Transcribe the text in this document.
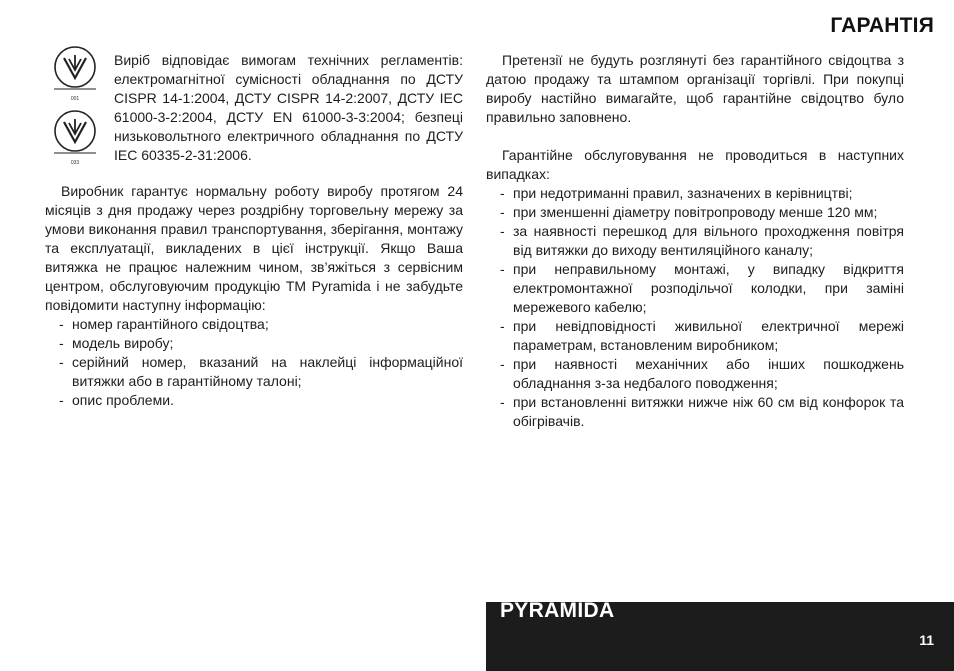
ГАРАНТІЯ
001
033

Виріб відповідає вимогам технічних регламентів: електромагнітної сумісності обладнання по ДСТУ CISPR 14-1:2004, ДСТУ CISPR 14-2:2007, ДСТУ IEC 61000-3-2:2004, ДСТУ EN 61000-3-3:2004; безпеці низьковольтного електричного обладнання по ДСТУ IEC 60335-2-31:2006.

Виробник гарантує нормальну роботу виробу протягом 24 місяців з дня продажу через роздрібну торговельну мережу за умови виконання правил транспортування, зберігання, монтажу та експлуатації, викладених в цієї інструкції. Якщо Ваша витяжка не працює належним чином, зв’яжіться з сервісним центром, обслуговуючим продукцію ТМ Pyramida і не забудьте повідомити наступну інформацію:

- номер гарантійного свідоцтва;
- модель виробу;
- серійний номер, вказаний на наклейці інформаційної витяжки або в гарантійному талоні;
- опис проблеми.

Претензії не будуть розглянуті без гарантійного свідоцтва з датою продажу та штампом організації торгівлі. При покупці виробу настійно вимагайте, щоб гарантійне свідоцтво було правильно заповнено.

Гарантійне обслуговування не проводиться в наступних випадках:

- при недотриманні правил, зазначених в керівництві;
- при зменшенні діаметру повітропроводу менше 120 мм;
- за наявності перешкод для вільного проходження повітря від витяжки до виходу вентиляційного каналу;
- при неправильному монтажі, у випадку відкриття електромонтажної розподільчої колодки, при заміні мережевого кабелю;
- при невідповідності живильної електричної мережі параметрам, встановленим виробником;
- при наявності механічних або інших пошкоджень обладнання з-за недбалого поводження;
- при встановленні витяжки нижче ніж 60 см від конфорок та обігрівачів.
PYRAMIDA
11
